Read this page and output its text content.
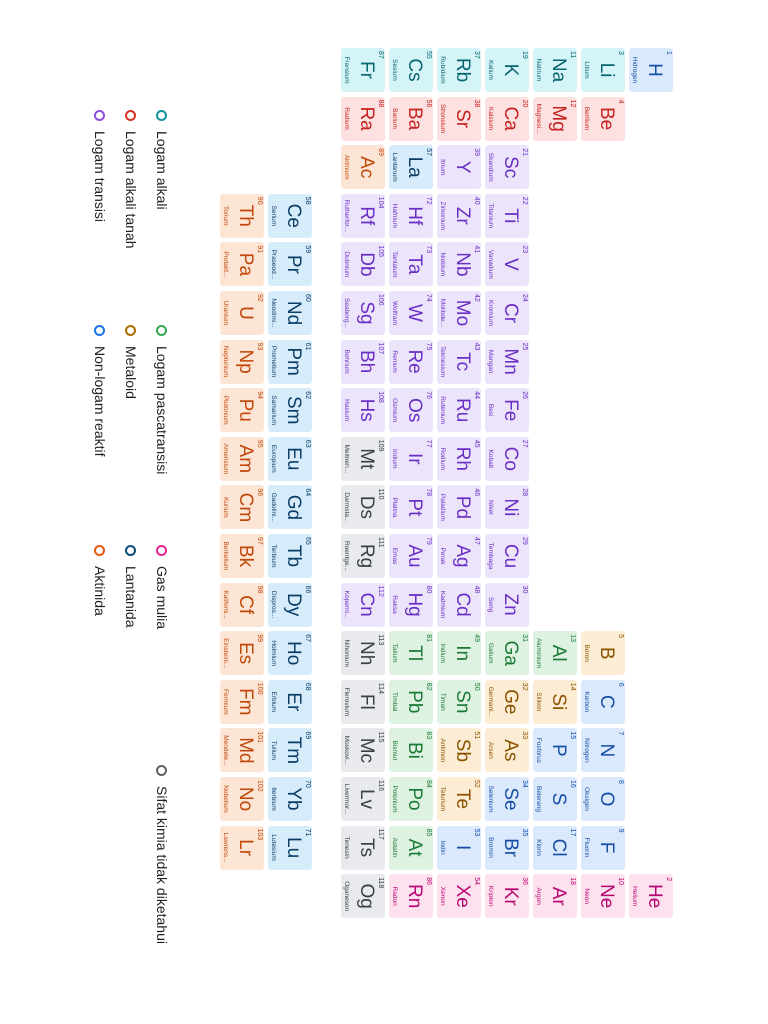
1
H
Hidrogen
2
He
Helium
3
Li
Litium
4
Be
Berilium
5
B
Boron
6
C
Karbon
7
N
Nitrogen
8
O
Oksigen
9
F
Fluorin
10
Ne
Neon
11
Na
Natrium
12
Mg
Magnesi...
13
Al
Aluminium
14
Si
Silikon
15
P
Fosforus
16
S
Belerang
17
Cl
Klorin
18
Ar
Argon
19
K
Kalium
20
Ca
Kalsium
21
Sc
Skandium
22
Ti
Titanium
23
V
Vanadium
24
Cr
Kromium
25
Mn
Mangan
26
Fe
Besi
27
Co
Kobalt
28
Ni
Nikel
29
Cu
Tembaga
30
Zn
Seng
31
Ga
Galium
32
Ge
Germani...
33
As
Arsen
34
Se
Selenium
35
Br
Bromin
36
Kr
Kripton
37
Rb
Rubidium
38
Sr
Stronsium
39
Y
Itrium
40
Zr
Zirkonium
41
Nb
Niobium
42
Mo
Molibde...
43
Tc
Teknesium
44
Ru
Rutenium
45
Rh
Rodium
46
Pd
Paladium
47
Ag
Perak
48
Cd
Kadmium
49
In
Indium
50
Sn
Timah
51
Sb
Antimon
52
Te
Telurium
53
I
Iodin
54
Xe
Xenon
55
Cs
Sesium
56
Ba
Barium
57
La
Lantanum
72
Hf
Hafnium
73
Ta
Tantalum
74
W
Wolfram
75
Re
Renium
76
Os
Osmium
77
Ir
Iridium
78
Pt
Platina
79
Au
Emas
80
Hg
Raksa
81
Tl
Talium
82
Pb
Timbal
83
Bi
Bismut
84
Po
Polonium
85
At
Astatin
86
Rn
Radon
87
Fr
Fransium
88
Ra
Radium
89
Ac
Aktinium
104
Rf
Rutherfor...
105
Db
Dubnium
106
Sg
Seaborg...
107
Bh
Bohrium
108
Hs
Hasium
109
Mt
Meitneri...
110
Ds
Darmsta...
111
Rg
Roentge...
112
Cn
Koperni...
113
Nh
Nihonium
114
Fl
Flerovium
115
Mc
Moskovi...
116
Lv
Livermor...
117
Ts
Tenesin
118
Og
Oganeson
58
Ce
Serium
59
Pr
Praseod...
60
Nd
Neodimi...
61
Pm
Prometium
62
Sm
Samarium
63
Eu
Europium
64
Gd
Gadolini...
65
Tb
Terbium
66
Dy
Dispros...
67
Ho
Holmium
68
Er
Erbium
69
Tm
Tulium
70
Yb
Iterbium
71
Lu
Lutesium
90
Th
Torium
91
Pa
Protakt...
92
U
Uranium
93
Np
Neptunium
94
Pu
Plutonium
95
Am
Amerisium
96
Cm
Kurium
97
Bk
Berkelium
98
Cf
Kalifomi...
99
Es
Einsteini...
100
Fm
Fermium
101
Md
Mendele...
102
No
Nobelium
103
Lr
Lawrens...
Logam alkali
Logam alkali tanah
Logam transisi
Logam pascatransisi
Metaloid
Non-logam reaktif
Gas mulia
Lantanida
Aktinida
Sifat kimia tidak diketahui
